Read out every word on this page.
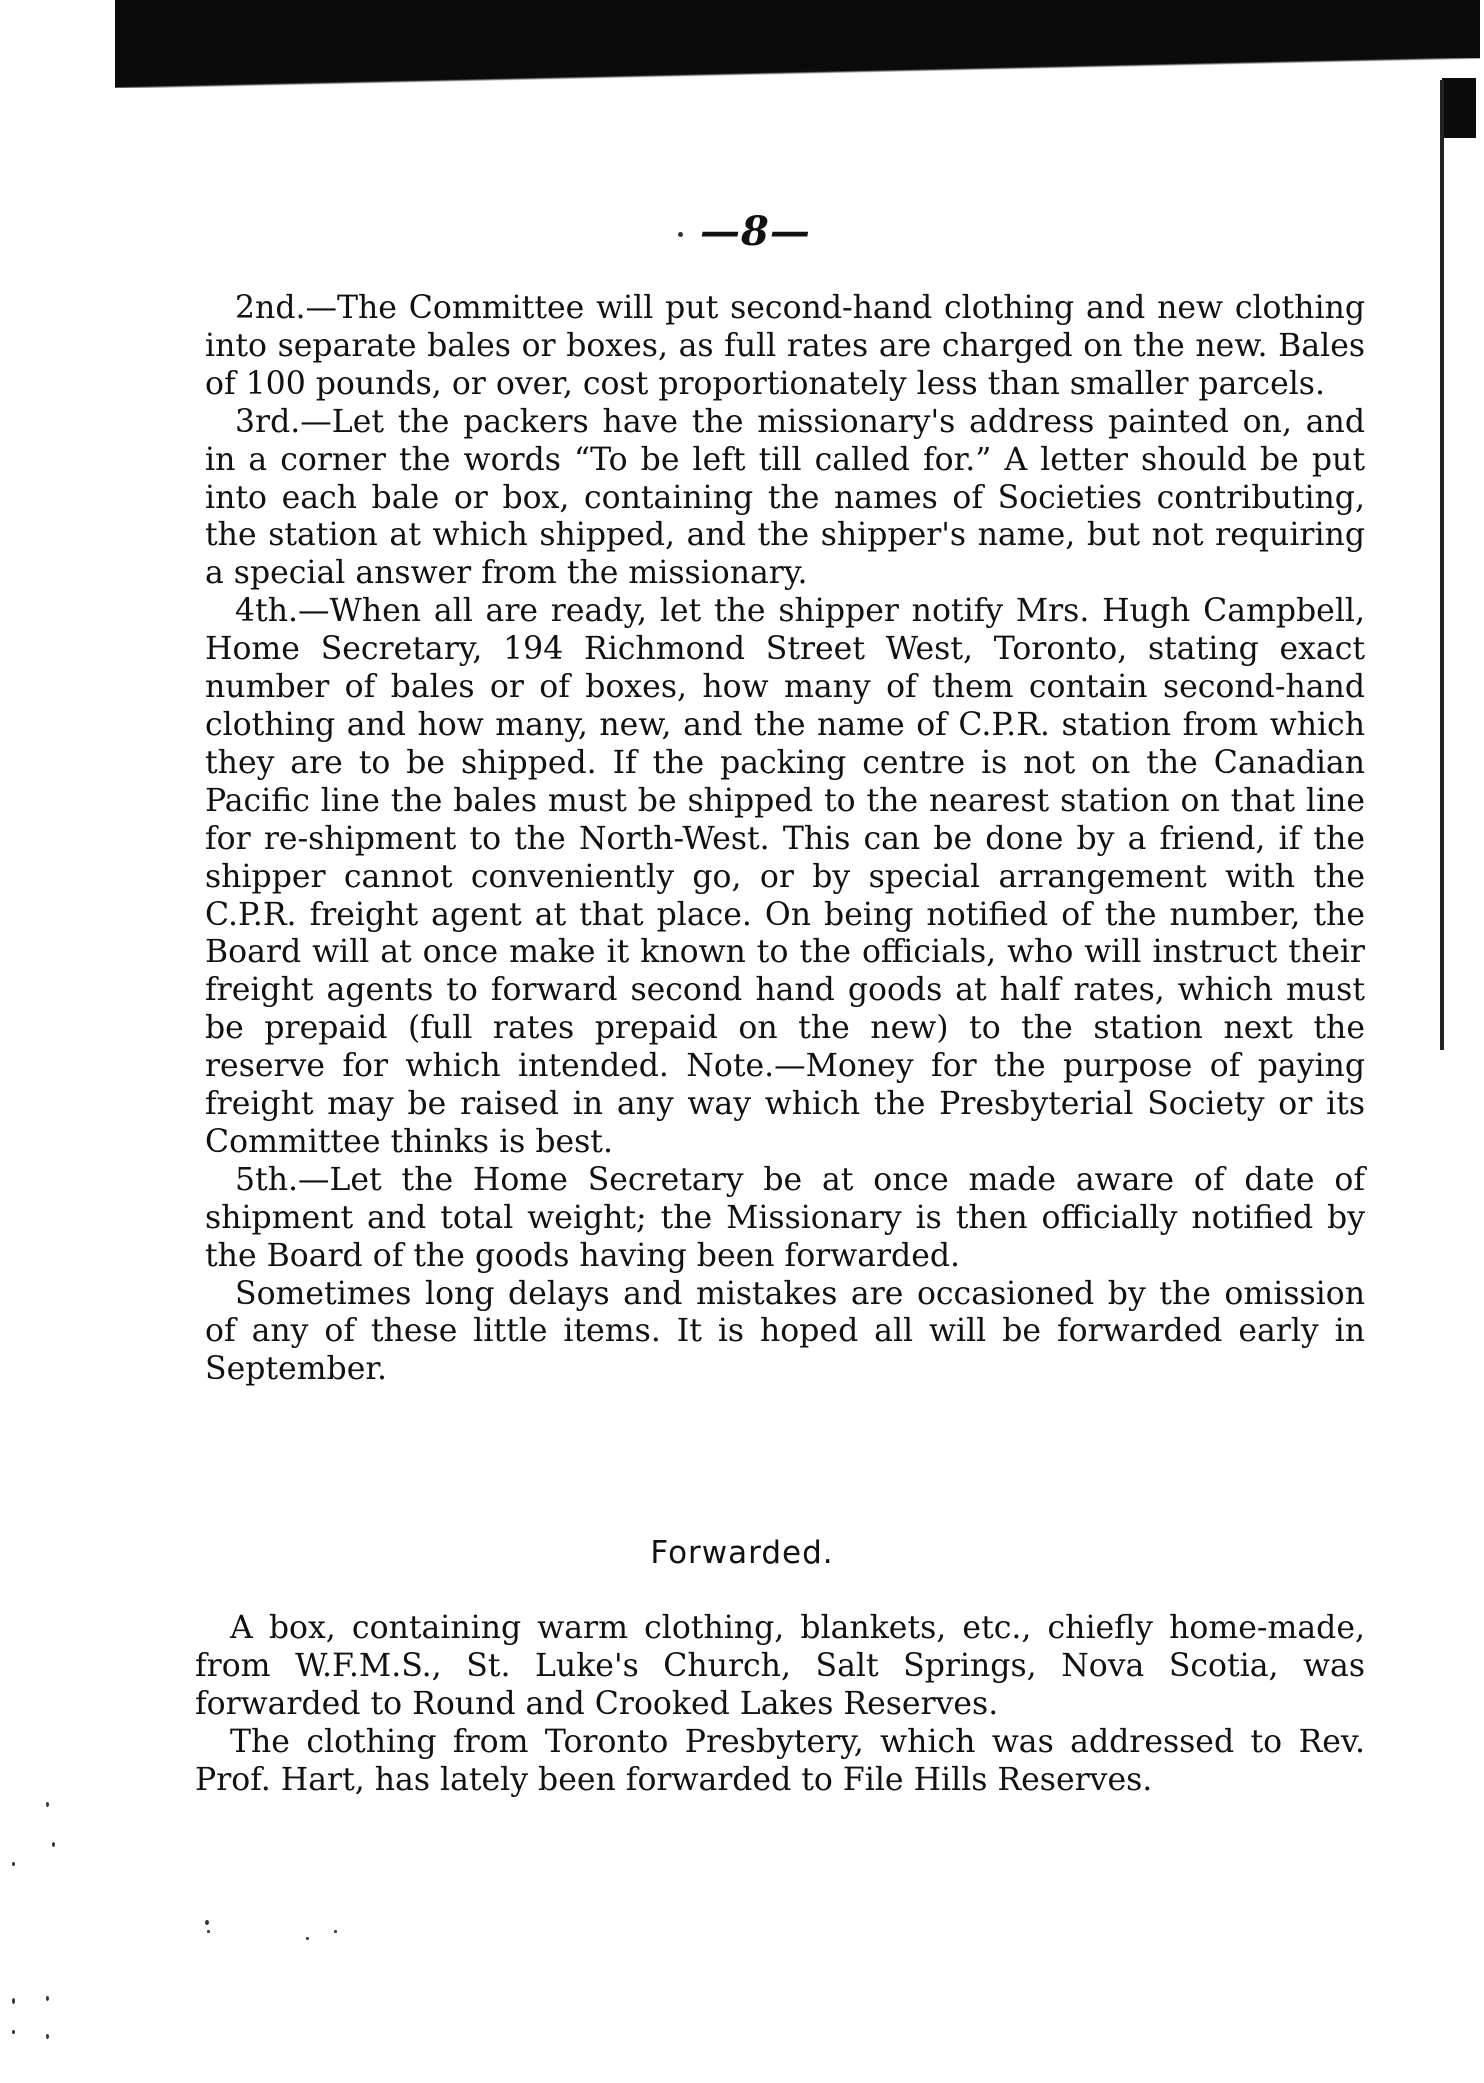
—8—

2nd.—The Committee will put second-hand clothing and new clothing into separate bales or boxes, as full rates are charged on the new. Bales of 100 pounds, or over, cost proportionately less than smaller parcels.

3rd.—Let the packers have the missionary's address painted on, and in a corner the words “To be left till called for.” A letter should be put into each bale or box, containing the names of Societies contributing, the station at which shipped, and the shipper's name, but not requiring a special answer from the missionary.

4th.—When all are ready, let the shipper notify Mrs. Hugh Campbell, Home Secretary, 194 Richmond Street West, Toronto, stating exact number of bales or of boxes, how many of them contain second-hand clothing and how many, new, and the name of C.P.R. station from which they are to be shipped. If the packing centre is not on the Canadian Pacific line the bales must be shipped to the nearest station on that line for re-shipment to the North-West. This can be done by a friend, if the shipper cannot conveniently go, or by special arrangement with the C.P.R. freight agent at that place. On being notified of the number, the Board will at once make it known to the officials, who will instruct their freight agents to forward second hand goods at half rates, which must be prepaid (full rates prepaid on the new) to the station next the reserve for which intended. Note.—Money for the purpose of paying freight may be raised in any way which the Presbyterial Society or its Committee thinks is best.

5th.—Let the Home Secretary be at once made aware of date of shipment and total weight; the Missionary is then officially notified by the Board of the goods having been forwarded.

Sometimes long delays and mistakes are occasioned by the omission of any of these little items. It is hoped all will be forwarded early in September.

Forwarded.

A box, containing warm clothing, blankets, etc., chiefly home-made, from W.F.M.S., St. Luke's Church, Salt Springs, Nova Scotia, was forwarded to Round and Crooked Lakes Reserves.

The clothing from Toronto Presbytery, which was addressed to Rev. Prof. Hart, has lately been forwarded to File Hills Reserves.
